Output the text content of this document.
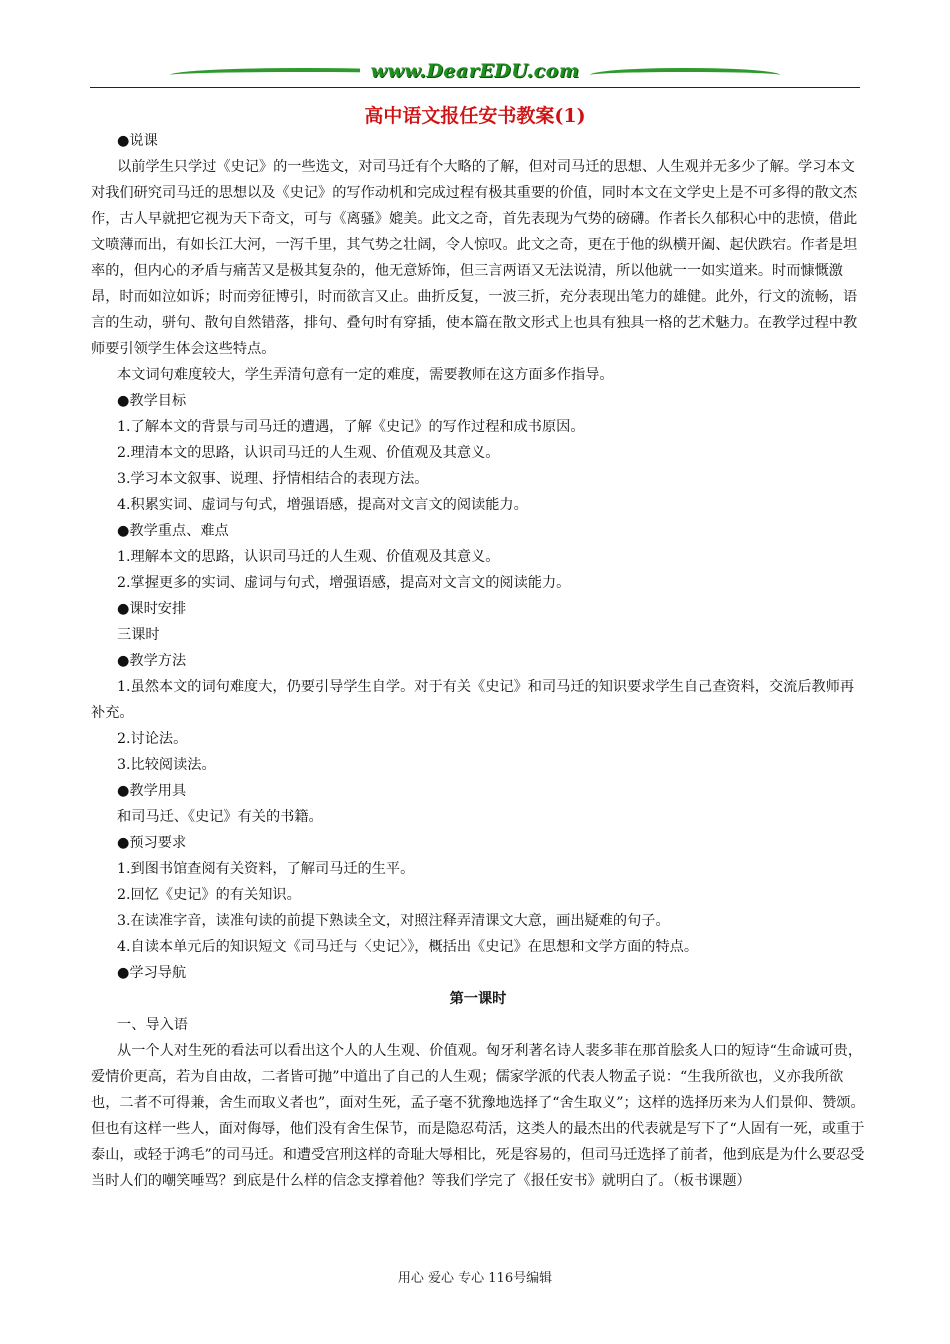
www.DearEDU.com
高中语文报任安书教案(1)

●说课

以前学生只学过《史记》的一些选文，对司马迁有个大略的了解，但对司马迁的思想、人生观并无多少了解。学习本文对我们研究司马迁的思想以及《史记》的写作动机和完成过程有极其重要的价值，同时本文在文学史上是不可多得的散文杰作，古人早就把它视为天下奇文，可与《离骚》媲美。此文之奇，首先表现为气势的磅礴。作者长久郁积心中的悲愤，借此文喷薄而出，有如长江大河，一泻千里，其气势之壮阔，令人惊叹。此文之奇，更在于他的纵横开阖、起伏跌宕。作者是坦率的，但内心的矛盾与痛苦又是极其复杂的，他无意矫饰，但三言两语又无法说清，所以他就一一如实道来。时而慷慨激昂，时而如泣如诉；时而旁征博引，时而欲言又止。曲折反复，一波三折，充分表现出笔力的雄健。此外，行文的流畅，语言的生动，骈句、散句自然错落，排句、叠句时有穿插，使本篇在散文形式上也具有独具一格的艺术魅力。在教学过程中教师要引领学生体会这些特点。

本文词句难度较大，学生弄清句意有一定的难度，需要教师在这方面多作指导。

●教学目标

1.了解本文的背景与司马迁的遭遇，了解《史记》的写作过程和成书原因。

2.理清本文的思路，认识司马迁的人生观、价值观及其意义。

3.学习本文叙事、说理、抒情相结合的表现方法。

4.积累实词、虚词与句式，增强语感，提高对文言文的阅读能力。

●教学重点、难点

1.理解本文的思路，认识司马迁的人生观、价值观及其意义。

2.掌握更多的实词、虚词与句式，增强语感，提高对文言文的阅读能力。

●课时安排

三课时

●教学方法

1.虽然本文的词句难度大，仍要引导学生自学。对于有关《史记》和司马迁的知识要求学生自己查资料，交流后教师再补充。

2.讨论法。

3.比较阅读法。

●教学用具

和司马迁、《史记》有关的书籍。

●预习要求

1.到图书馆查阅有关资料，了解司马迁的生平。

2.回忆《史记》的有关知识。

3.在读准字音，读准句读的前提下熟读全文，对照注释弄清课文大意，画出疑难的句子。

4.自读本单元后的知识短文《司马迁与〈史记〉》，概括出《史记》在思想和文学方面的特点。

●学习导航

第一课时

一、导入语

从一个人对生死的看法可以看出这个人的人生观、价值观。匈牙利著名诗人裴多菲在那首脍炙人口的短诗“生命诚可贵，爱情价更高，若为自由故，二者皆可抛”中道出了自己的人生观；儒家学派的代表人物孟子说：“生我所欲也，义亦我所欲也，二者不可得兼，舍生而取义者也”，面对生死，孟子毫不犹豫地选择了“舍生取义”；这样的选择历来为人们景仰、赞颂。但也有这样一些人，面对侮辱，他们没有舍生保节，而是隐忍苟活，这类人的最杰出的代表就是写下了“人固有一死，或重于泰山，或轻于鸿毛”的司马迁。和遭受宫刑这样的奇耻大辱相比，死是容易的，但司马迁选择了前者，他到底是为什么要忍受当时人们的嘲笑唾骂？到底是什么样的信念支撑着他？等我们学完了《报任安书》就明白了。（板书课题）

用心 爱心 专心 116号编辑
